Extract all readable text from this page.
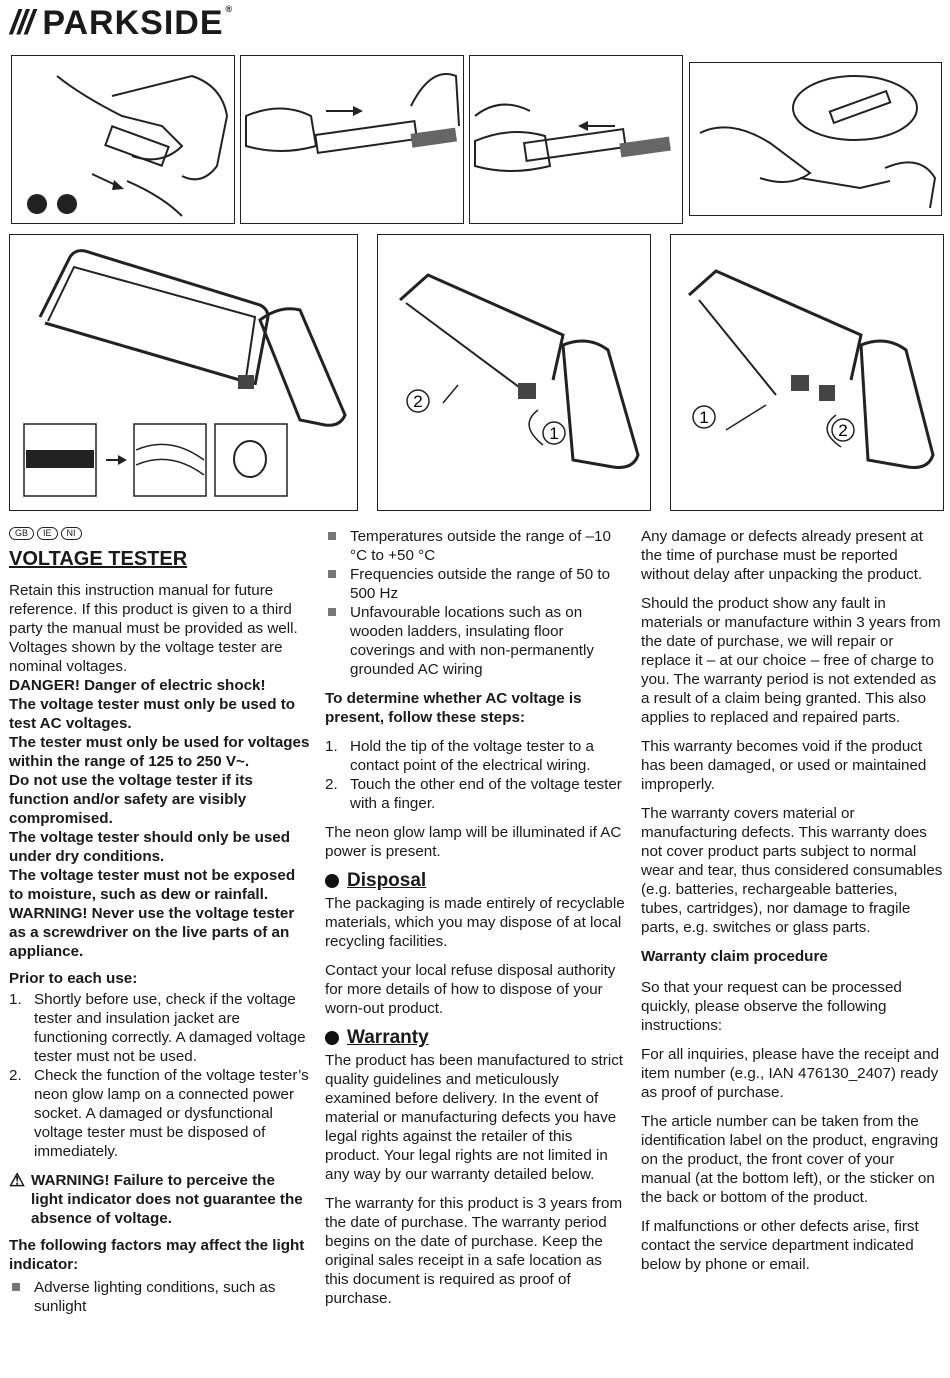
/// PARKSIDE ®
2
1
1
2
GB	IE	NI
VOLTAGE TESTER

Retain this instruction manual for future reference. If this product is given to a third party the manual must be provided as well. Voltages shown by the voltage tester are nominal voltages.

DANGER! Danger of electric shock!
The voltage tester must only be used to test AC voltages.
The tester must only be used for voltages within the range of 125 to 250 V~.
Do not use the voltage tester if its function and/or safety are visibly compromised.
The voltage tester should only be used under dry conditions.
The voltage tester must not be exposed to moisture, such as dew or rainfall.
WARNING! Never use the voltage tester as a screwdriver on the live parts of an appliance.
Prior to each use:
1. Shortly before use, check if the voltage tester and insulation jacket are functioning correctly. A damaged voltage tester must not be used.
2. Check the function of the voltage tester’s neon glow lamp on a connected power socket. A damaged or dysfunctional voltage tester must be disposed of immediately.
⚠ WARNING! Failure to perceive the light indicator does not guarantee the absence of voltage.
The following factors may affect the light indicator:
Adverse lighting conditions, such as sunlight
Temperatures outside the range of –10 °C to +50 °C
Frequencies outside the range of 50 to 500 Hz
Unfavourable locations such as on wooden ladders, insulating floor coverings and with non-permanently grounded AC wiring
To determine whether AC voltage is present, follow these steps:
1. Hold the tip of the voltage tester to a contact point of the electrical wiring.
2. Touch the other end of the voltage tester with a finger.

The neon glow lamp will be illuminated if AC power is present.

Disposal

The packaging is made entirely of recyclable materials, which you may dispose of at local recycling facilities.

Contact your local refuse disposal authority for more details of how to dispose of your worn-out product.

Warranty

The product has been manufactured to strict quality guidelines and meticulously examined before delivery. In the event of material or manufacturing defects you have legal rights against the retailer of this product. Your legal rights are not limited in any way by our warranty detailed below.

The warranty for this product is 3 years from the date of purchase. The warranty period begins on the date of purchase. Keep the original sales receipt in a safe location as this document is required as proof of purchase.

Any damage or defects already present at the time of purchase must be reported without delay after unpacking the product.

Should the product show any fault in materials or manufacture within 3 years from the date of purchase, we will repair or replace it – at our choice – free of charge to you. The warranty period is not extended as a result of a claim being granted. This also applies to replaced and repaired parts.

This warranty becomes void if the product has been damaged, or used or maintained improperly.

The warranty covers material or manufacturing defects. This warranty does not cover product parts subject to normal wear and tear, thus considered consumables (e.g. batteries, rechargeable batteries, tubes, cartridges), nor damage to fragile parts, e.g. switches or glass parts.

Warranty claim procedure

So that your request can be processed quickly, please observe the following instructions:

For all inquiries, please have the receipt and item number (e.g., IAN 476130_2407) ready as proof of purchase.

The article number can be taken from the identification label on the product, engraving on the product, the front cover of your manual (at the bottom left), or the sticker on the back or bottom of the product.

If malfunctions or other defects arise, first contact the service department indicated below by phone or email.
